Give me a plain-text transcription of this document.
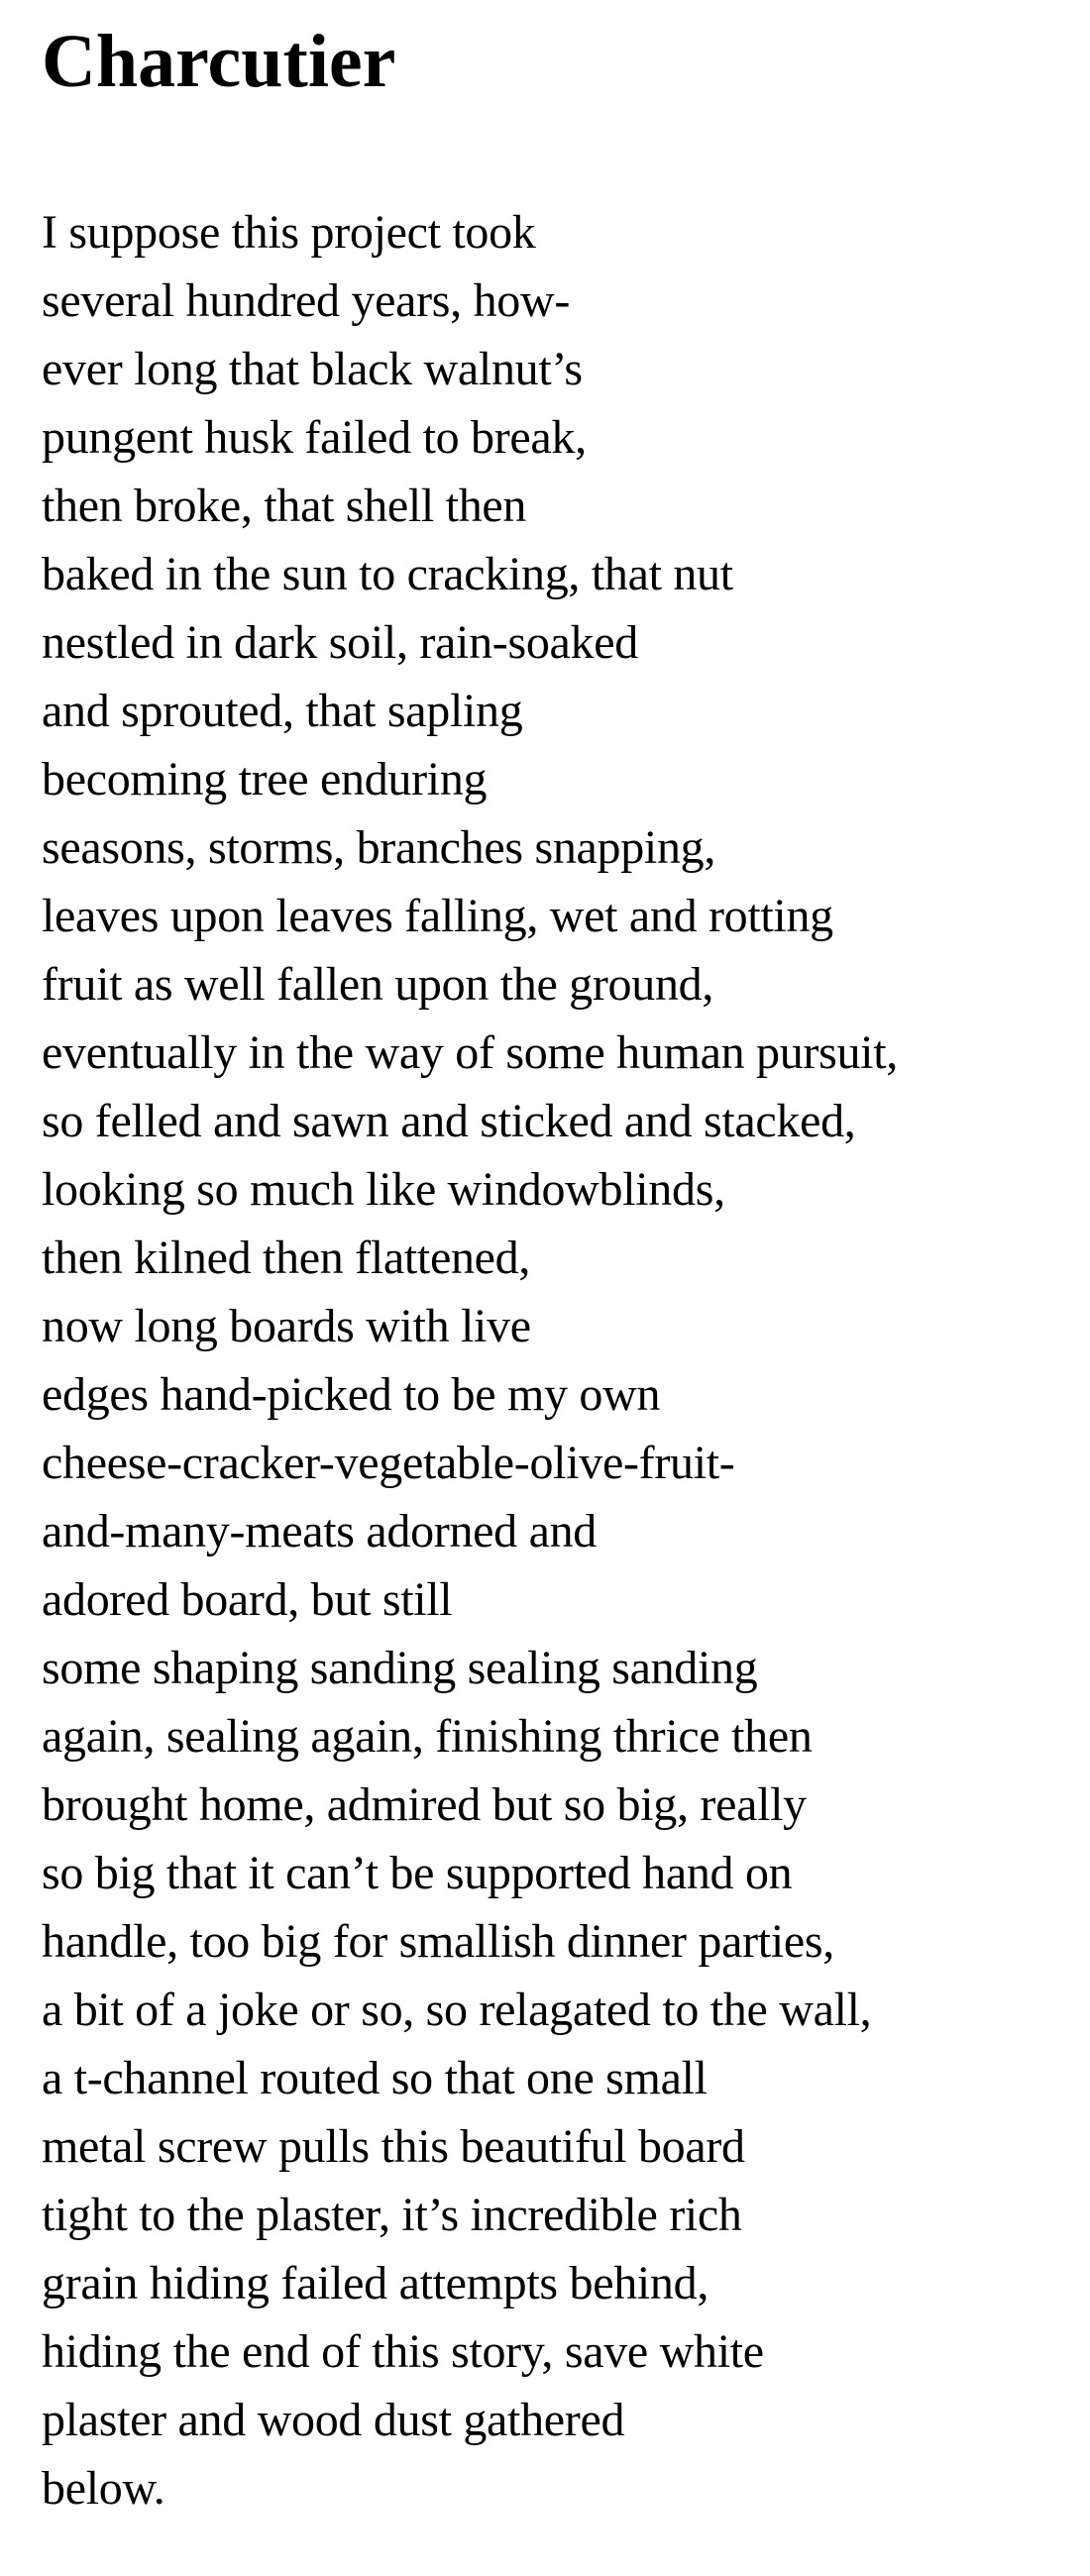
Charcutier
I suppose this project took
several hundred years, how-
ever long that black walnut’s
pungent husk failed to break,
then broke, that shell then
baked in the sun to cracking, that nut
nestled in dark soil, rain-soaked
and sprouted, that sapling
becoming tree enduring
seasons, storms, branches snapping,
leaves upon leaves falling, wet and rotting
fruit as well fallen upon the ground,
eventually in the way of some human pursuit,
so felled and sawn and sticked and stacked,
looking so much like windowblinds,
then kilned then flattened,
now long boards with live
edges hand-picked to be my own
cheese-cracker-vegetable-olive-fruit-
and-many-meats adorned and
adored board, but still
some shaping sanding sealing sanding
again, sealing again, finishing thrice then
brought home, admired but so big, really
so big that it can’t be supported hand on
handle, too big for smallish dinner parties,
a bit of a joke or so, so relagated to the wall,
a t-channel routed so that one small
metal screw pulls this beautiful board
tight to the plaster, it’s incredible rich
grain hiding failed attempts behind,
hiding the end of this story, save white
plaster and wood dust gathered
below.
